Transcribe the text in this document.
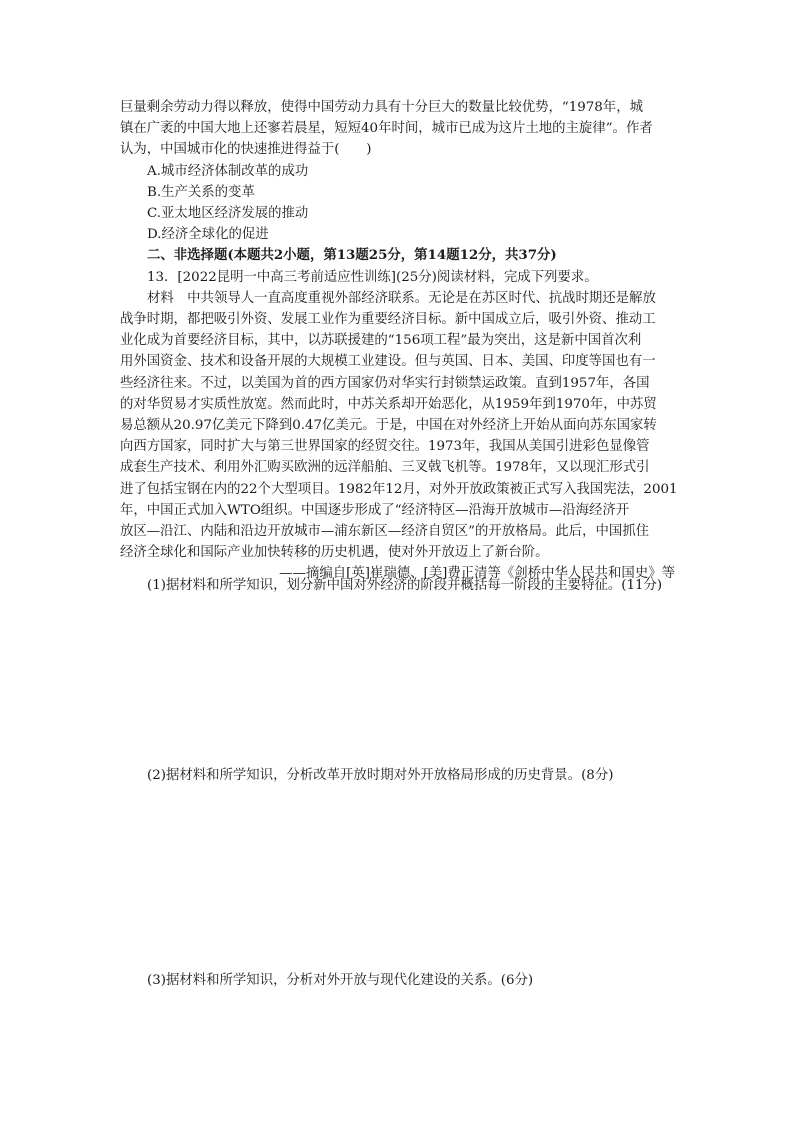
巨量剩余劳动力得以释放，使得中国劳动力具有十分巨大的数量比较优势，“1978年，城
镇在广袤的中国大地上还寥若晨星，短短40年时间，城市已成为这片土地的主旋律”。作者
认为，中国城市化的快速推进得益于(　　)
A.城市经济体制改革的成功
B.生产关系的变革
C.亚太地区经济发展的推动
D.经济全球化的促进
二、非选择题(本题共2小题，第13题25分，第14题12分，共37分)
13．[2022昆明一中高三考前适应性训练](25分)阅读材料，完成下列要求。
材料　中共领导人一直高度重视外部经济联系。无论是在苏区时代、抗战时期还是解放
战争时期，都把吸引外资、发展工业作为重要经济目标。新中国成立后，吸引外资、推动工
业化成为首要经济目标，其中，以苏联援建的“156项工程”最为突出，这是新中国首次利
用外国资金、技术和设备开展的大规模工业建设。但与英国、日本、美国、印度等国也有一
些经济往来。不过，以美国为首的西方国家仍对华实行封锁禁运政策。直到1957年，各国
的对华贸易才实质性放宽。然而此时，中苏关系却开始恶化，从1959年到1970年，中苏贸
易总额从20.97亿美元下降到0.47亿美元。于是，中国在对外经济上开始从面向苏东国家转
向西方国家，同时扩大与第三世界国家的经贸交往。1973年，我国从美国引进彩色显像管
成套生产技术、利用外汇购买欧洲的远洋船舶、三叉戟飞机等。1978年，又以现汇形式引
进了包括宝钢在内的22个大型项目。1982年12月，对外开放政策被正式写入我国宪法，2001
年，中国正式加入WTO组织。中国逐步形成了“经济特区—沿海开放城市—沿海经济开
放区—沿江、内陆和沿边开放城市—浦东新区—经济自贸区”的开放格局。此后，中国抓住
经济全球化和国际产业加快转移的历史机遇，使对外开放迈上了新台阶。
——摘编自[英]崔瑞德、[美]费正清等《剑桥中华人民共和国史》等
(1)据材料和所学知识，划分新中国对外经济的阶段并概括每一阶段的主要特征。(11分)
(2)据材料和所学知识，分析改革开放时期对外开放格局形成的历史背景。(8分)
(3)据材料和所学知识，分析对外开放与现代化建设的关系。(6分)
